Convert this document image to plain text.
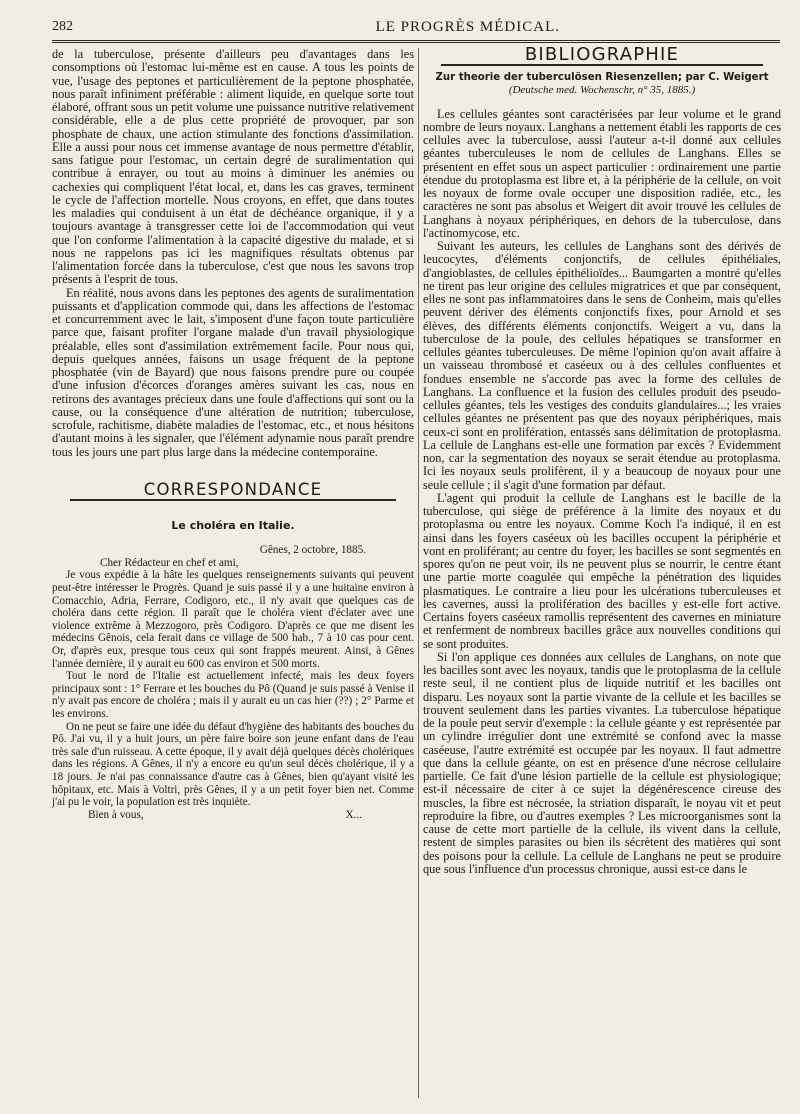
282	LE PROGRÈS MÉDICAL.

de la tuberculose, présente d'ailleurs peu d'avantages dans les consomptions où l'estomac lui-même est en cause. A tous les points de vue, l'usage des peptones et particulièrement de la peptone phosphatée, nous paraît infiniment préférable : aliment liquide, en quelque sorte tout élaboré, offrant sous un petit volume une puissance nutritive relativement considérable, elle a de plus cette propriété de provoquer, par son phosphate de chaux, une action stimulante des fonctions d'assimilation. Elle a aussi pour nous cet immense avantage de nous permettre d'établir, sans fatigue pour l'estomac, un certain degré de suralimentation qui contribue à enrayer, ou tout au moins à diminuer les anémies ou cachexies qui compliquent l'état local, et, dans les cas graves, terminent le cycle de l'affection mortelle. Nous croyons, en effet, que dans toutes les maladies qui conduisent à un état de déchéance organique, il y a toujours avantage à transgresser cette loi de l'accommodation qui veut que l'on conforme l'alimentation à la capacité digestive du malade, et si nous ne rappelons pas ici les magnifiques résultats obtenus par l'alimentation forcée dans la tuberculose, c'est que nous les savons trop présents à l'esprit de tous.

En réalité, nous avons dans les peptones des agents de suralimentation puissants et d'application commode qui, dans les affections de l'estomac et concurremment avec le lait, s'imposent d'une façon toute particulière parce que, faisant profiter l'organe malade d'un travail physiologique préalable, elles sont d'assimilation extrêmement facile. Pour nous qui, depuis quelques années, faisons un usage fréquent de la peptone phosphatée (vin de Bayard) que nous faisons prendre pure ou coupée d'une infusion d'écorces d'oranges amères suivant les cas, nous en retirons des avantages précieux dans une foule d'affections qui sont ou la cause, ou la conséquence d'une altération de nutrition; tuberculose, scrofule, rachitisme, diabète maladies de l'estomac, etc., et nous hésitons d'autant moins à les signaler, que l'élément adynamie nous paraît prendre tous les jours une part plus large dans la médecine contemporaine.

CORRESPONDANCE
Le choléra en Italie.

Gênes, 2 octobre, 1885.

Cher Rédacteur en chef et ami,

Je vous expédie à la hâte les quelques renseignements suivants qui peuvent peut-être intéresser le Progrès. Quand je suis passé il y a une huitaine environ à Comacchio, Adria, Ferrare, Codigoro, etc., il n'y avait que quelques cas de choléra dans cette région. Il paraît que le choléra vient d'éclater avec une violence extrême à Mezzogoro, près Codigoro. D'après ce que me disent les médecins Gênois, cela ferait dans ce village de 500 hab., 7 à 10 cas pour cent. Or, d'après eux, presque tous ceux qui sont frappés meurent. Ainsi, à Gênes l'année dernière, il y aurait eu 600 cas environ et 500 morts.

Tout le nord de l'Italie est actuellement infecté, mais les deux foyers principaux sont : 1° Ferrare et les bouches du Pô (Quand je suis passé à Venise il n'y avait pas encore de choléra ; mais il y aurait eu un cas hier (??) ; 2° Parme et les environs.

On ne peut se faire une idée du défaut d'hygiène des habitants des bouches du Pô. J'ai vu, il y a huit jours, un père faire boire son jeune enfant dans de l'eau très sale d'un ruisseau. A cette époque, il y avait déjà quelques décès cholériques dans les régions. A Gênes, il n'y a encore eu qu'un seul décès cholérique, il y a 18 jours. Je n'ai pas connaissance d'autre cas à Gênes, bien qu'ayant visité les hôpitaux, etc. Mais à Voltri, près Gênes, il y a un petit foyer bien net. Comme j'ai pu le voir, la population est très inquiète.

Bien à vous,	X...

BIBLIOGRAPHIE
Zur theorie der tuberculösen Riesenzellen; par C. Weigert
(Deutsche med. Wochenschr, n° 35, 1885.)

Les cellules géantes sont caractérisées par leur volume et le grand nombre de leurs noyaux. Langhans a nettement établi les rapports de ces cellules avec la tuberculose, aussi l'auteur a-t-il donné aux cellules géantes tuberculeuses le nom de cellules de Langhans. Elles se présentent en effet sous un aspect particulier : ordinairement une partie étendue du protoplasma est libre et, à la périphérie de la cellule, on voit les noyaux de forme ovale occuper une disposition radiée, etc., les caractères ne sont pas absolus et Weigert dit avoir trouvé les cellules de Langhans à noyaux périphériques, en dehors de la tuberculose, dans l'actinomycose, etc.

Suivant les auteurs, les cellules de Langhans sont des dérivés de leucocytes, d'éléments conjonctifs, de cellules épithéliales, d'angioblastes, de cellules épithélioïdes... Baumgarten a montré qu'elles ne tirent pas leur origine des cellules migratrices et que par conséquent, elles ne sont pas inflammatoires dans le sens de Conheim, mais qu'elles peuvent dériver des éléments conjonctifs fixes, pour Arnold et ses élèves, des différents éléments conjonctifs. Weigert a vu, dans la tuberculose de la poule, des cellules hépatiques se transformer en cellules géantes tuberculeuses. De même l'opinion qu'on avait affaire à un vaisseau thrombosé et caséeux ou à des cellules confluentes et fondues ensemble ne s'accorde pas avec la forme des cellules de Langhans. La confluence et la fusion des cellules produit des pseudo-cellules géantes, tels les vestiges des conduits glandulaires...; les vraies cellules géantes ne présentent pas que des noyaux périphériques, mais ceux-ci sont en prolifération, entassés sans délimitation de protoplasma. La cellule de Langhans est-elle une formation par excès ? Evidemment non, car la segmentation des noyaux se serait étendue au protoplasma. Ici les noyaux seuls prolifèrent, il y a beaucoup de noyaux pour une seule cellule ; il s'agit d'une formation par défaut.

L'agent qui produit la cellule de Langhans est le bacille de la tuberculose, qui siège de préférence à la limite des noyaux et du protoplasma ou entre les noyaux. Comme Koch l'a indiqué, il en est ainsi dans les foyers caséeux où les bacilles occupent la périphérie et vont en proliférant; au centre du foyer, les bacilles se sont segmentés en spores qu'on ne peut voir, ils ne peuvent plus se nourrir, le centre étant une partie morte coagulée qui empêche la pénétration des liquides plasmatiques. Le contraire a lieu pour les ulcérations tuberculeuses et les cavernes, aussi la prolifération des bacilles y est-elle fort active. Certains foyers caséeux ramollis représentent des cavernes en miniature et renferment de nombreux bacilles grâce aux nouvelles conditions qui se sont produites.

Si l'on applique ces données aux cellules de Langhans, on note que les bacilles sont avec les noyaux, tandis que le protoplasma de la cellule reste seul, il ne contient plus de liquide nutritif et les bacilles ont disparu. Les noyaux sont la partie vivante de la cellule et les bacilles se trouvent seulement dans les parties vivantes. La tuberculose hépatique de la poule peut servir d'exemple : la cellule géante y est représentée par un cylindre irrégulier dont une extrémité se confond avec la masse caséeuse, l'autre extrémité est occupée par les noyaux. Il faut admettre que dans la cellule géante, on est en présence d'une nécrose cellulaire partielle. Ce fait d'une lésion partielle de la cellule est physiologique; est-il nécessaire de citer à ce sujet la dégénérescence cireuse des muscles, la fibre est nécrosée, la striation disparaît, le noyau vit et peut reproduire la fibre, ou d'autres exemples ? Les microorganismes sont la cause de cette mort partielle de la cellule, ils vivent dans la cellule, restent de simples parasites ou bien ils sécrètent des matières qui sont des poisons pour la cellule. La cellule de Langhans ne peut se produire que sous l'influence d'un processus chronique, aussi est-ce dans le
